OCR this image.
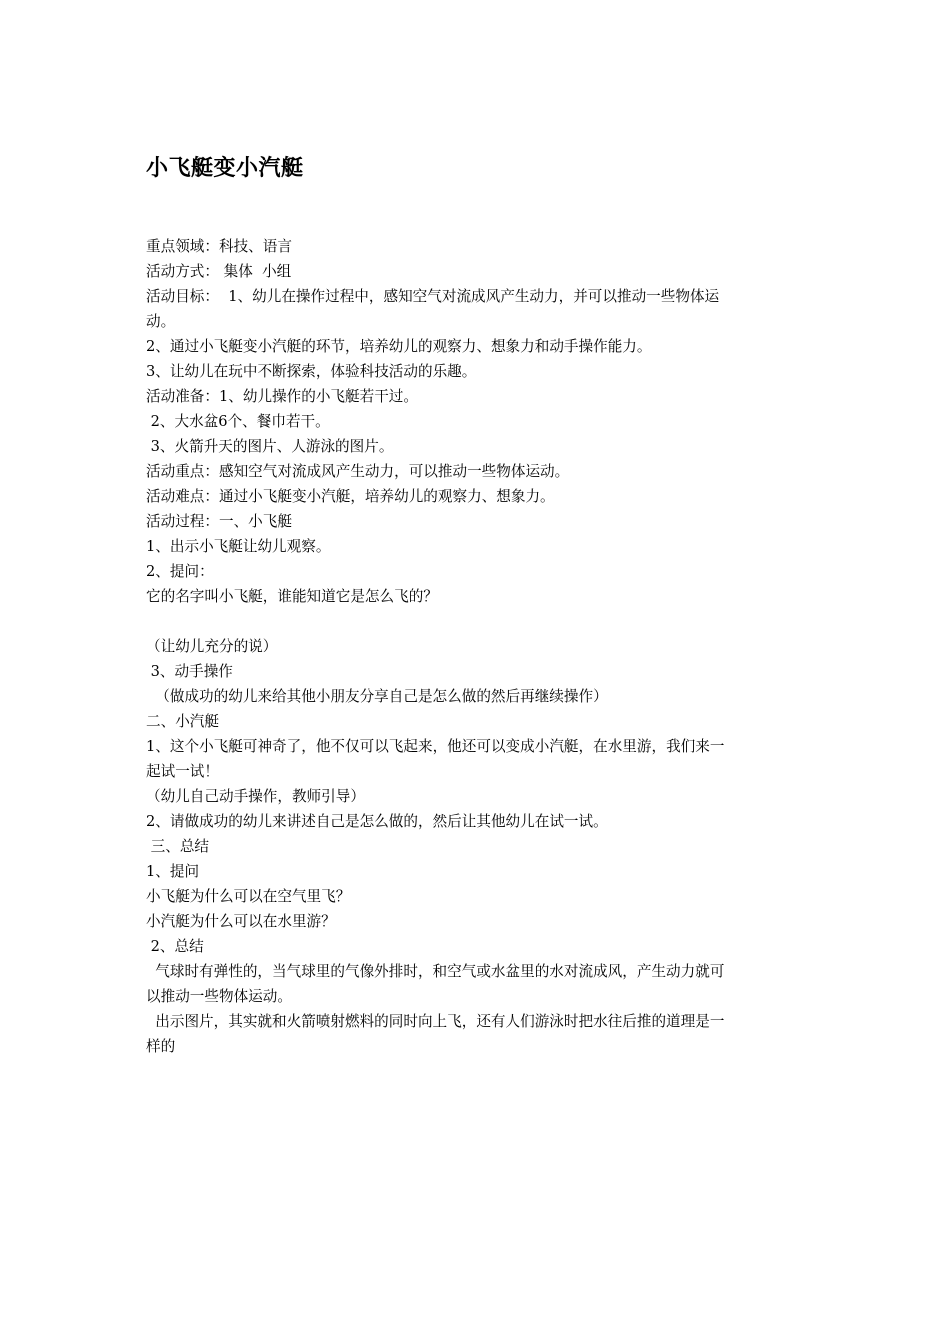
小飞艇变小汽艇

重点领域：科技、语言

活动方式： 集体  小组

活动目标：  1、幼儿在操作过程中，感知空气对流成风产生动力，并可以推动一些物体运

动。

2、通过小飞艇变小汽艇的环节，培养幼儿的观察力、想象力和动手操作能力。

3、让幼儿在玩中不断探索，体验科技活动的乐趣。

活动准备：1、幼儿操作的小飞艇若干过。

2、大水盆6个、餐巾若干。

3、火箭升天的图片、人游泳的图片。

活动重点：感知空气对流成风产生动力，可以推动一些物体运动。

活动难点：通过小飞艇变小汽艇，培养幼儿的观察力、想象力。

活动过程：一、小飞艇

1、出示小飞艇让幼儿观察。

2、提问：

它的名字叫小飞艇，谁能知道它是怎么飞的？

（让幼儿充分的说）

3、动手操作

（做成功的幼儿来给其他小朋友分享自己是怎么做的然后再继续操作）

二、小汽艇

1、这个小飞艇可神奇了，他不仅可以飞起来，他还可以变成小汽艇，在水里游，我们来一

起试一试！

（幼儿自己动手操作，教师引导）

2、请做成功的幼儿来讲述自己是怎么做的，然后让其他幼儿在试一试。

三、总结

1、提问

小飞艇为什么可以在空气里飞？

小汽艇为什么可以在水里游？

2、总结

气球时有弹性的，当气球里的气像外排时，和空气或水盆里的水对流成风，产生动力就可

以推动一些物体运动。

出示图片，其实就和火箭喷射燃料的同时向上飞，还有人们游泳时把水往后推的道理是一

样的
